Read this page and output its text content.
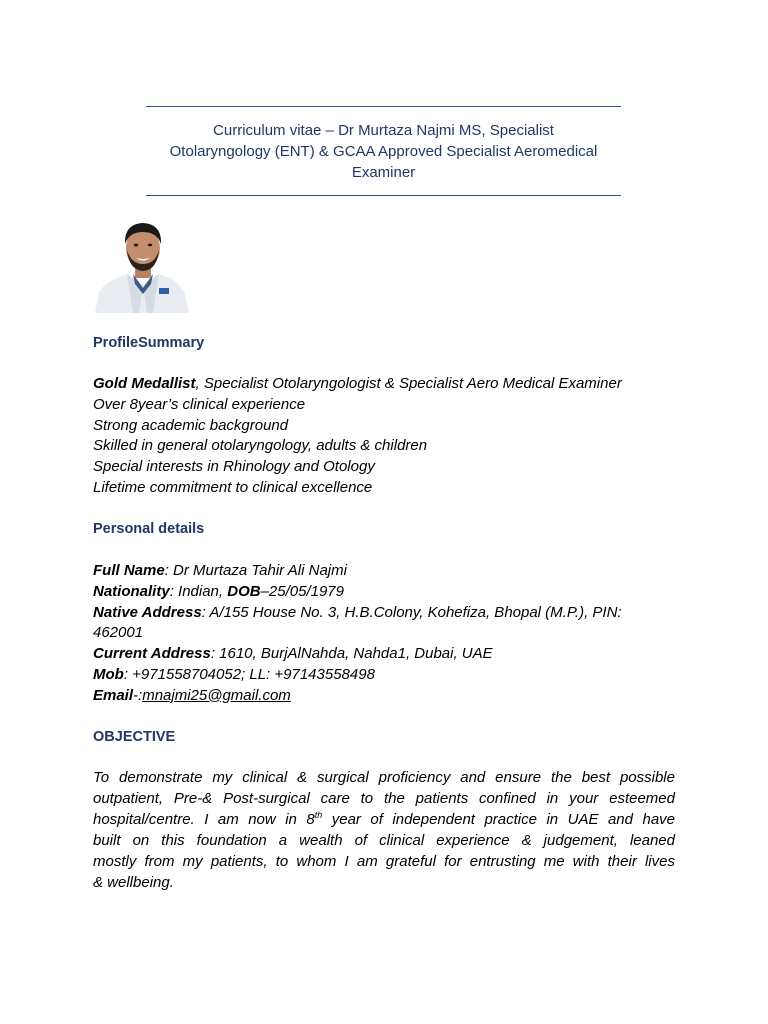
Curriculum vitae – Dr Murtaza Najmi MS, Specialist
Otolaryngology (ENT) & GCAA Approved Specialist Aeromedical
Examiner
ProfileSummary
Gold Medallist, Specialist Otolaryngologist & Specialist Aero Medical Examiner
Over 8year’s clinical experience
Strong academic background
Skilled in general otolaryngology, adults & children
Special interests in Rhinology and Otology
Lifetime commitment to clinical excellence
Personal details
Full Name: Dr Murtaza Tahir Ali Najmi
Nationality: Indian, DOB–25/05/1979
Native Address: A/155 House No. 3, H.B.Colony, Kohefiza, Bhopal (M.P.), PIN:
462001
Current Address: 1610, BurjAlNahda, Nahda1, Dubai, UAE
Mob: +971558704052; LL: +97143558498
Email-:mnajmi25@gmail.com
OBJECTIVE
To demonstrate my clinical & surgical proficiency and ensure the best possible
outpatient, Pre-& Post-surgical care to the patients confined in your esteemed
hospital/centre. I am now in 8th year of independent practice in UAE and have
built on this foundation a wealth of clinical experience & judgement, leaned
mostly from my patients, to whom I am grateful for entrusting me with their lives
& wellbeing.
